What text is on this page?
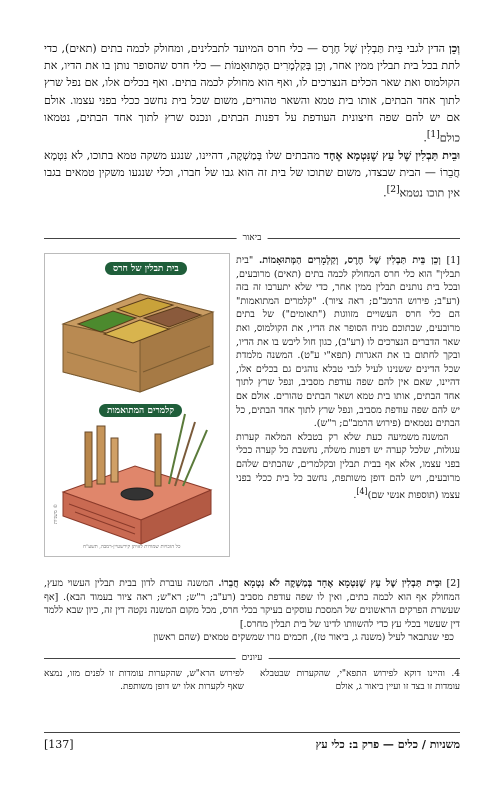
וְכֵן הדין לגבי בֵּית תַּבְלִין שֶׁל חֶרֶס — כלי חרס המיועד לתבלינים, ומחולק לכמה בתים (תאים), כדי לתת בכל בית תבלין ממין אחר, וְכֵן בְּקַלְמָרִים הַמְּתוּאָמוֹת — כלי חרס שהסופר נותן בו את הדיו, את הקולמוס ואת שאר הכלים הנצרכים לו, ואף הוא מחולק לכמה בתים. ואף בכלים אלו, אם נפל שרץ לתוך אחד הבתים, אותו בית טמא והשאר טהורים, משום שכל בית נחשב ככלי בפני עצמו. אולם אם יש להם שפה חיצונית העודפת על דפנות הבתים, ונכנס שרץ לתוך אחד הבתים, נטמאו כולם[1].

וּבֵית תַּבְלִין שֶׁל עֵץ שֶׁנִּטְמָא אֶחָד מהבתים שלו בְּמַשְׁקֶה, דהיינו, שנגע משקה טמא בתוכו, לֹא נִטְמָא חֲבֵרוֹ — הבית שבצדו, משום שתוכו של בית זה הוא גבו של חברו, וכלי שנגעו משקין טמאים בגבו אין תוכו נטמא[2].

ביאור
בית תבלין של חרס
קלמרים המתואמות
כל הזכויות שמורות לאיתן קירשטיין-רמבה, תשע"ח
© משניות

[1] וְכֵן בֵּית תַּבְלִין שֶׁל חֶרֶס, וְקַלְמָרִים הַמְּתוּאָמוֹת. "בית תבלין" הוא כלי חרס המחולק לכמה בתים (תאים) מרובעים, ובכל בית נותנים תבלין ממין אחר, כדי שלא יתערבו זה בזה (רע"ב; פירוש הרמב"ם; ראה ציור). "קלמרים המתואמות" הם כלי חרס העשויים מזווגות ("תאומים") של בתים מרובעים, שבתוכם מניח הסופר את הדיו, את הקולמוס, ואת שאר הדברים הנצרכים לו (רע"ב), כגון חול ליבש בו את הדיו, ובקך לחתום בו את האגרות (תפא"י ע"ט). המשנה מלמדת שכל הדינים ששנינו לעיל לגבי טבלא נוהגים גם בכלים אלו, דהיינו, שאם אין להם שפה עודפת מסביב, ונפל שרץ לתוך אחד הבתים, אותו בית טמא ושאר הבתים טהורים. אולם אם יש להם שפה עודפת מסביב, ונפל שרץ לתוך אחד הבתים, כל הבתים נטמאים (פירוש הרמב"ם; ר"ש).

המשנה משמיעה כעת שלא רק בטבלא המלאה קערות עגולות, שלכל קערה יש דפנות משלה, נחשבת כל קערה ככלי בפני עצמו, אלא אף בבית תבלין ובקלמרים, שהבתים שלהם מרובעים, ויש להם דופן משותפת, נחשב כל בית ככלי בפני עצמו (תוספות אנשי שם)[4].

[2] וּבֵית תַּבְלִין שֶׁל עֵץ שֶׁנִּטְמָא אֶחָד בְּמַשְׁקֶה לֹא נִטְמָא חֲבֵרוֹ. המשנה עוברת לדון בבית תבלין העשוי מעץ, המחולק אף הוא לכמה בתים, ואין לו שפה עודפת מסביב (רע"ב; ר"ש; רא"ש; ראה ציור בעמוד הבא). [אף שעשרת הפרקים הראשונים של המסכת עוסקים בעיקר בכלי חרס, מכל מקום המשנה נקטה דין זה, כיון שבא ללמד דין שעשוי בכלי עץ כדי להשוותו לדינו של בית תבלין מחרס.]

כפי שנתבאר לעיל (משנה ג, ביאור טז), חכמים גזרו שמשקים טמאים (שהם ראשון

עיונים
4. והיינו דוקא לפירוש התפא"י, שהקערות שבטבלא עומדות זו בצד זו ועיין ביאור ג, אולם
לפירוש הרא"ש, שהקערות עומדות זו לפנים מזו, נמצא שאף לקערות אלו יש דופן משותפת.
משניות / כלים — פרק ב: כלי עץ
[137]
